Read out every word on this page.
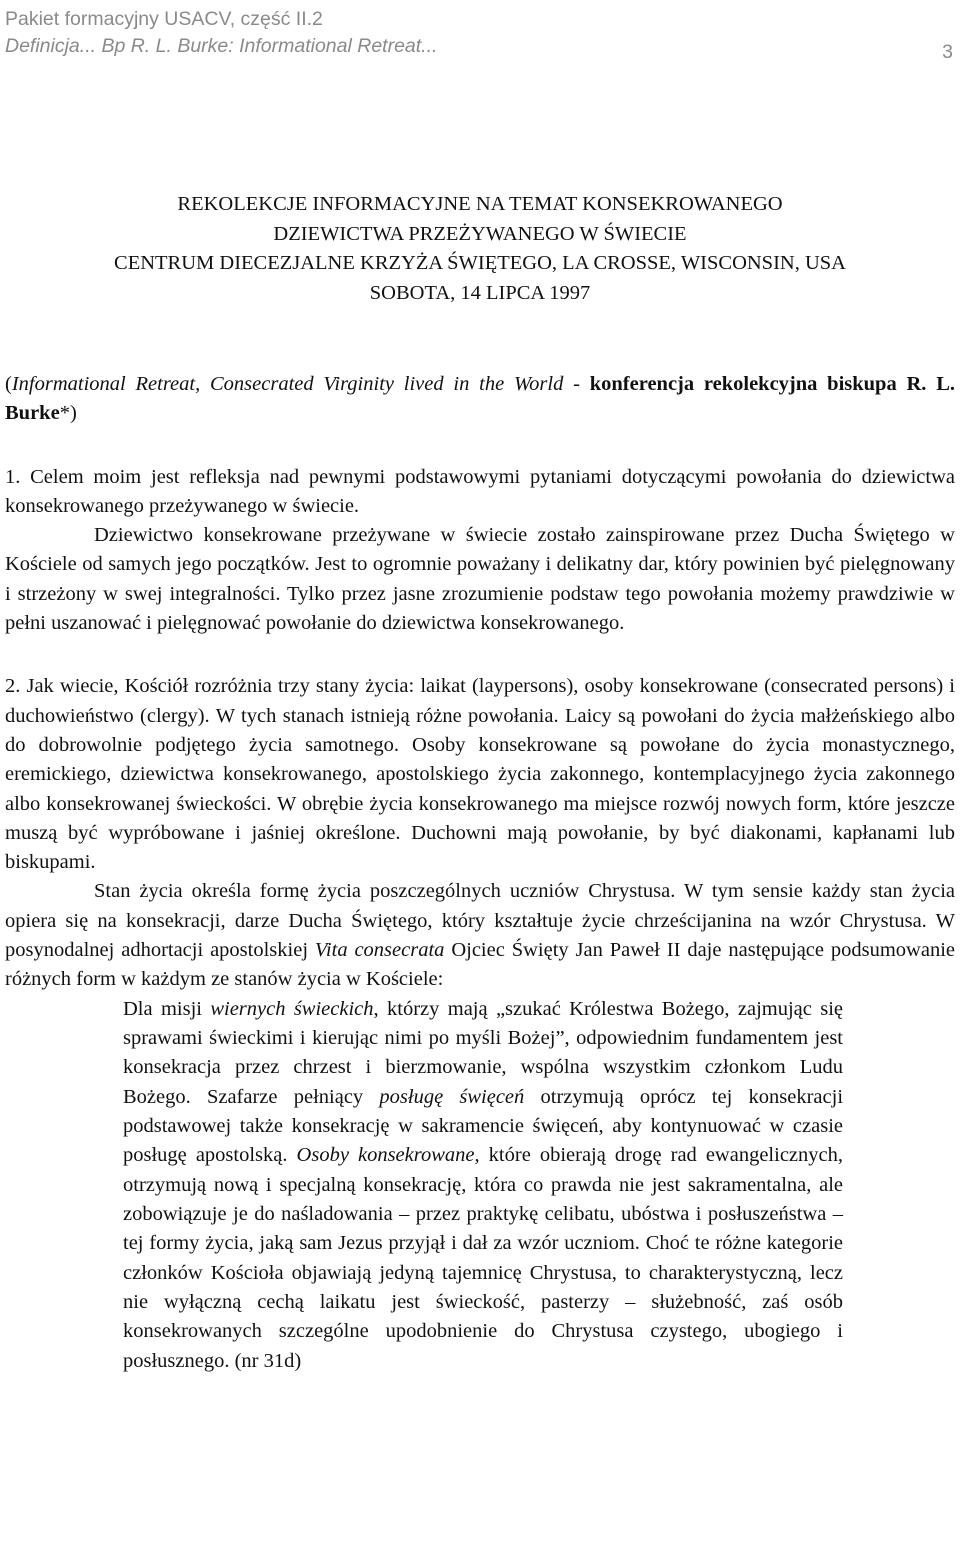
Pakiet formacyjny USACV, część II.2
Definicja... Bp R. L. Burke: Informational Retreat...	3
REKOLEKCJE INFORMACYJNE NA TEMAT KONSEKROWANEGO
DZIEWICTWA PRZEŻYWANEGO W ŚWIECIE
CENTRUM DIECEZJALNE KRZYŻA ŚWIĘTEGO, LA CROSSE, WISCONSIN, USA
SOBOTA, 14 LIPCA 1997

(Informational Retreat, Consecrated Virginity lived in the World - konferencja rekolekcyjna biskupa R. L. Burke*)

1. Celem moim jest refleksja nad pewnymi podstawowymi pytaniami dotyczącymi powołania do dziewictwa konsekrowanego przeżywanego w świecie.

Dziewictwo konsekrowane przeżywane w świecie zostało zainspirowane przez Ducha Świętego w Kościele od samych jego początków. Jest to ogromnie poważany i delikatny dar, który powinien być pielęgnowany i strzeżony w swej integralności. Tylko przez jasne zrozumienie podstaw tego powołania możemy prawdziwie w pełni uszanować i pielęgnować powołanie do dziewictwa konsekrowanego.

2. Jak wiecie, Kościół rozróżnia trzy stany życia: laikat (laypersons), osoby konsekrowane (consecrated persons) i duchowieństwo (clergy). W tych stanach istnieją różne powołania. Laicy są powołani do życia małżeńskiego albo do dobrowolnie podjętego życia samotnego. Osoby konsekrowane są powołane do życia monastycznego, eremickiego, dziewictwa konsekrowanego, apostolskiego życia zakonnego, kontemplacyjnego życia zakonnego albo konsekrowanej świeckości. W obrębie życia konsekrowanego ma miejsce rozwój nowych form, które jeszcze muszą być wypróbowane i jaśniej określone. Duchowni mają powołanie, by być diakonami, kapłanami lub biskupami.

Stan życia określa formę życia poszczególnych uczniów Chrystusa. W tym sensie każdy stan życia opiera się na konsekracji, darze Ducha Świętego, który kształtuje życie chrześcijanina na wzór Chrystusa. W posynodalnej adhortacji apostolskiej Vita consecrata Ojciec Święty Jan Paweł II daje następujące podsumowanie różnych form w każdym ze stanów życia w Kościele:

Dla misji wiernych świeckich, którzy mają „szukać Królestwa Bożego, zajmując się sprawami świeckimi i kierując nimi po myśli Bożej”, odpowiednim fundamentem jest konsekracja przez chrzest i bierzmowanie, wspólna wszystkim członkom Ludu Bożego. Szafarze pełniący posługę święceń otrzymują oprócz tej konsekracji podstawowej także konsekrację w sakramencie święceń, aby kontynuować w czasie posługę apostolską. Osoby konsekrowane, które obierają drogę rad ewangelicznych, otrzymują nową i specjalną konsekrację, która co prawda nie jest sakramentalna, ale zobowiązuje je do naśladowania – przez praktykę celibatu, ubóstwa i posłuszeństwa – tej formy życia, jaką sam Jezus przyjął i dał za wzór uczniom. Choć te różne kategorie członków Kościoła objawiają jedyną tajemnicę Chrystusa, to charakterystyczną, lecz nie wyłączną cechą laikatu jest świeckość, pasterzy – służebność, zaś osób konsekrowanych szczególne upodobnienie do Chrystusa czystego, ubogiego i posłusznego. (nr 31d)
